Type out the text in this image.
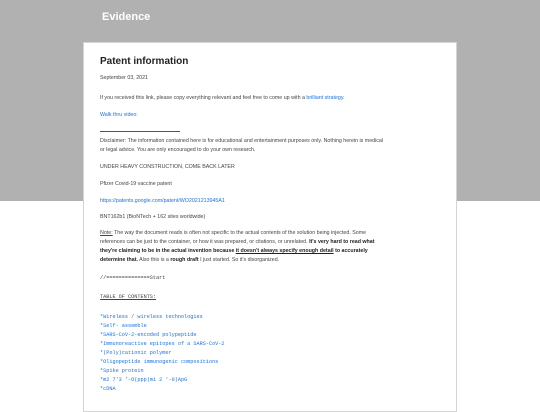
Evidence
Patent information
September 03, 2021
If you received this link, please copy everything relevant and feel free to come up with a brilliant strategy.
Walk thru video:
Disclaimer: The information contained here is for educational and entertainment purposes only. Nothing herein is medical
or legal advice. You are only encouraged to do your own research.
UNDER HEAVY CONSTRUCTION, COME BACK LATER
Pfizer Covid-19 vaccine patent
https://patents.google.com/patent/WO2021213945A1
BNT162b1 (BioNTech + 162 sites worldwide)
Note: The way the document reads is often not specific to the actual contents of the solution being injected. Some
references can be just to the container, or how it was prepared, or citations, or unrelated. It's very hard to read what
they're claiming to be in the actual invention because it doesn't always specify enough detail to accurately
determine that. Also this is a rough draft I just started. So it's disorganized.
//==============Start
TABLE OF CONTENTS:
*Wireless / wireless technologies
*Self- assemble
*SARS-CoV-2-encoded polypeptide
*Immunoreactive epitopes of a SARS-CoV-2
*(Poly)cationic polymer
*Oligopeptide immunogenic compositions
*Spike protein
*m2 7'3 '-O(ppp)m1 2 '-0)ApG
*cDNA
